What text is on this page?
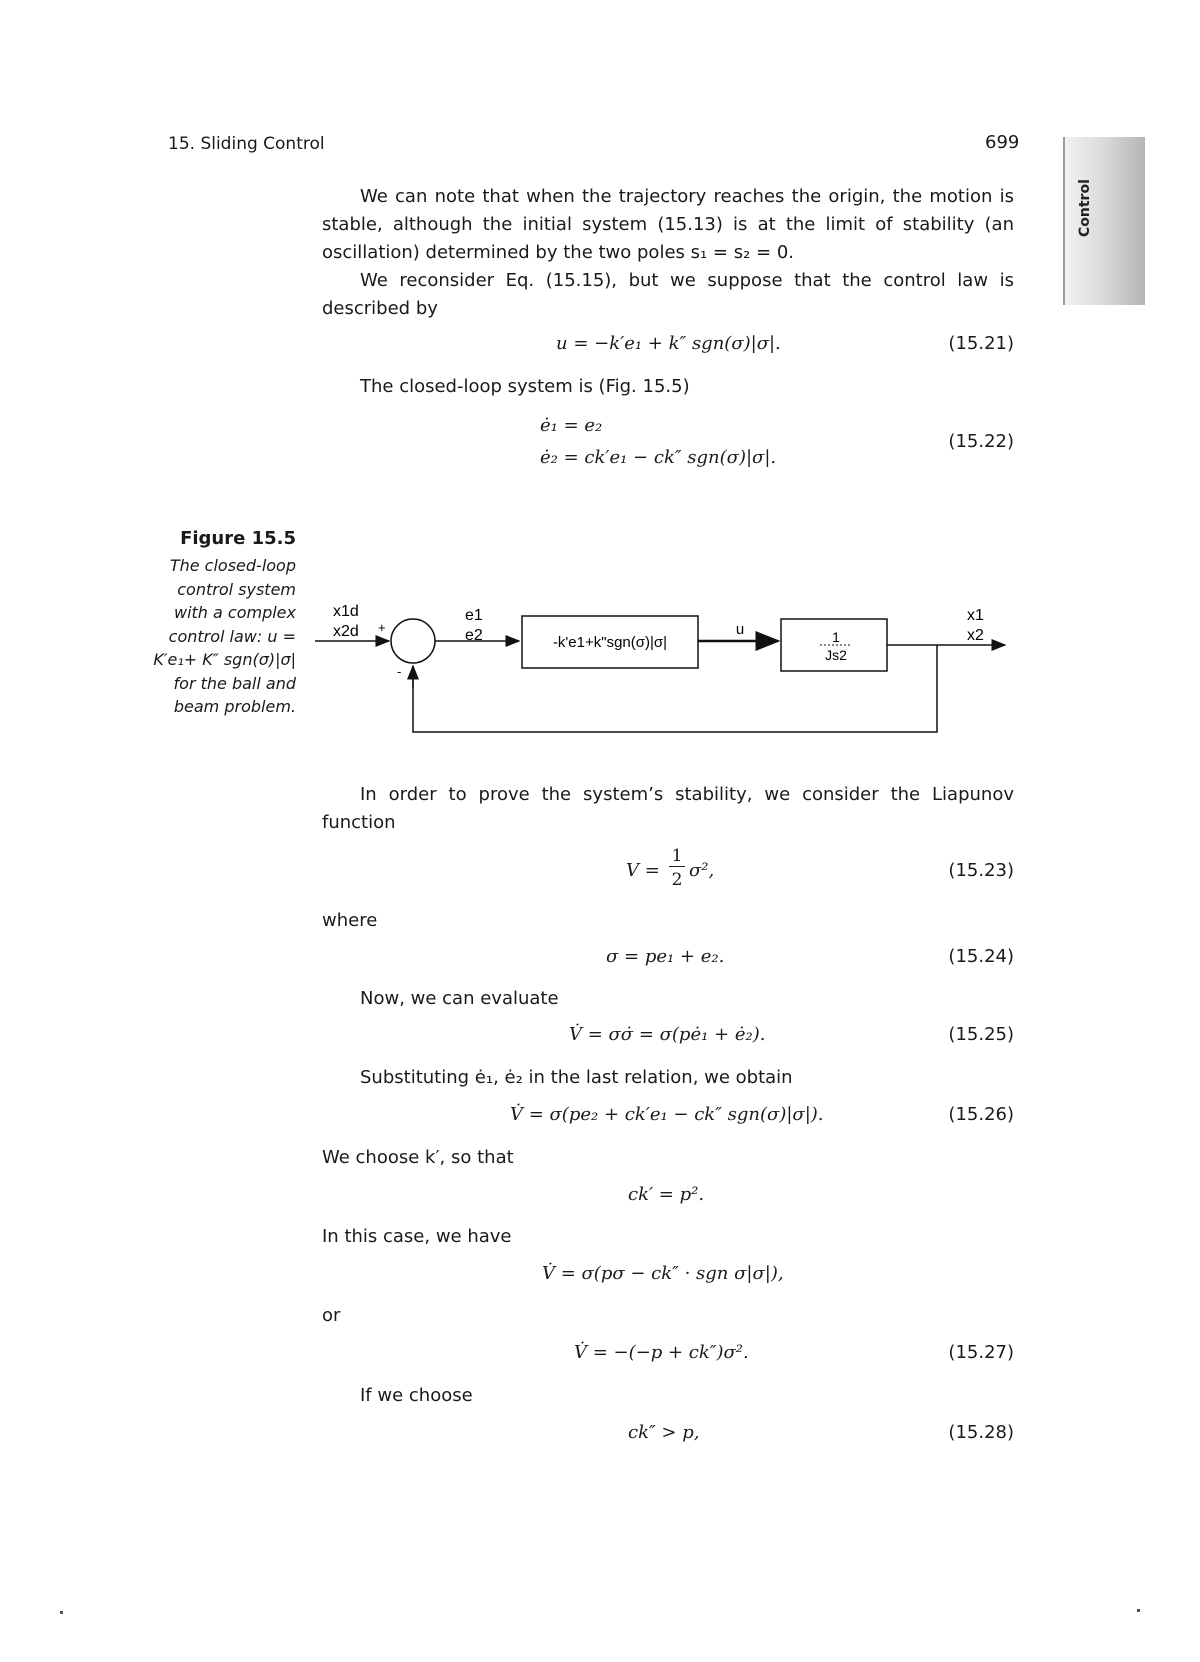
15. Sliding Control	699
Control
We can note that when the trajectory reaches the origin, the motion is stable, although the initial system (15.13) is at the limit of stability (an oscillation) determined by the two poles s₁ = s₂ = 0.
We reconsider Eq. (15.15), but we suppose that the control law is described by
u = −k′e₁ + k″ sgn(σ)|σ|.	(15.21)
The closed-loop system is (Fig. 15.5)
ė₁ = e₂
ė₂ = ck′e₁ − ck″ sgn(σ)|σ|.
(15.22)
Figure 15.5
The closed-loop control system with a complex control law: u = K′e₁+ K″ sgn(σ)|σ| for the ball and beam problem.
x1d
x2d +
-
e1
e2	-k'e1+k"sgn(σ)|σ|
u	1
Js2
x1
x2
In order to prove the system’s stability, we consider the Liapunov function
V =
1
2 σ²,	(15.23)
where
σ = pe₁ + e₂.	(15.24)
Now, we can evaluate
V̇ = σσ̇ = σ(pė₁ + ė₂).	(15.25)
Substituting ė₁, ė₂ in the last relation, we obtain
V̇ = σ(pe₂ + ck′e₁ − ck″ sgn(σ)|σ|).	(15.26)
We choose k′, so that
ck′ = p².
In this case, we have
V̇ = σ(pσ − ck″ · sgn σ|σ|),
or
V̇ = −(−p + ck″)σ².	(15.27)
If we choose
ck″ > p,	(15.28)
